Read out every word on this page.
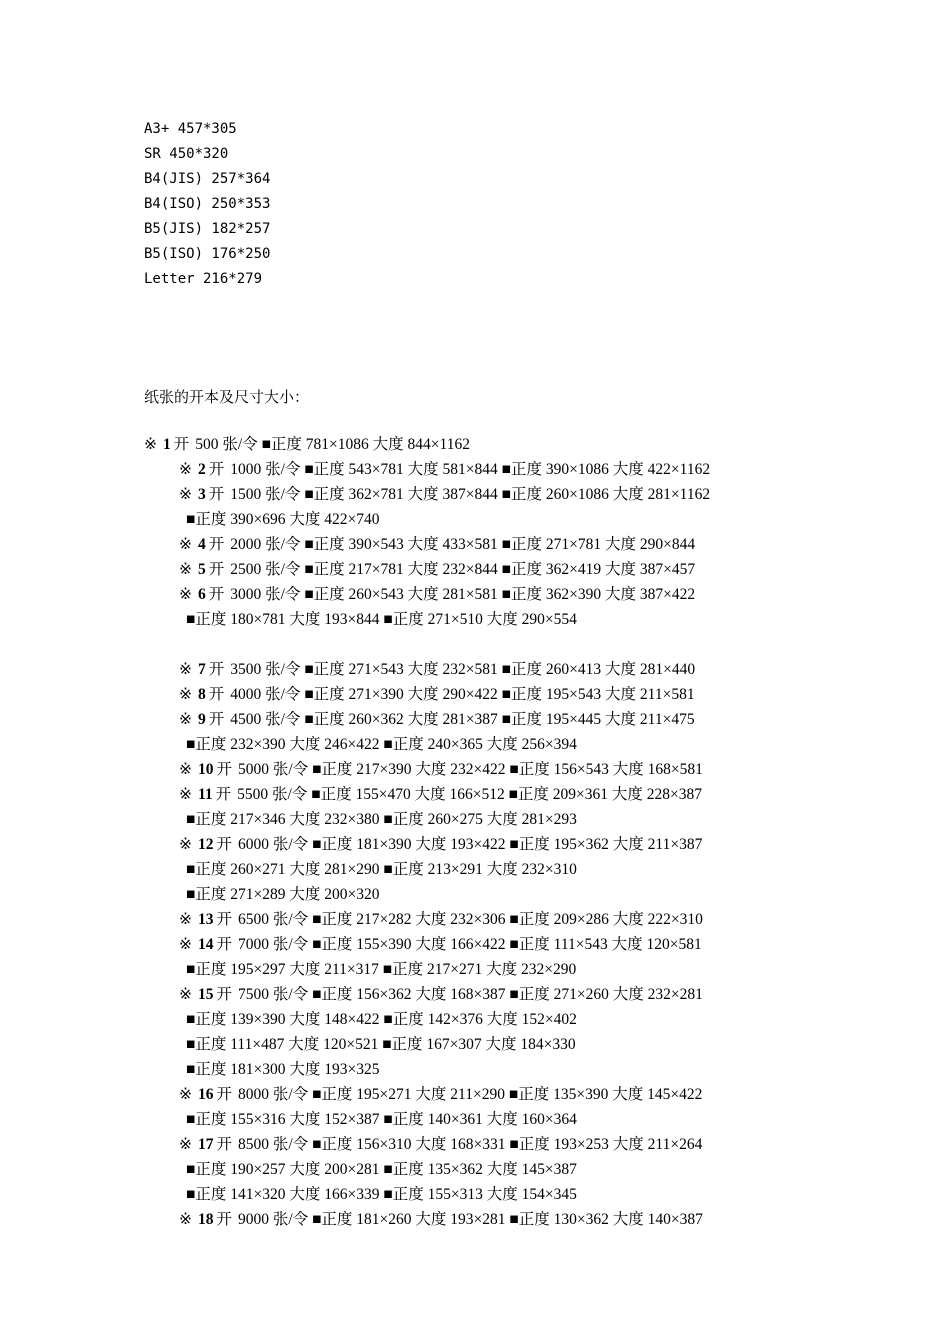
A3+ 457*305
SR 450*320
B4(JIS) 257*364
B4(ISO) 250*353
B5(JIS) 182*257
B5(ISO) 176*250
Letter 216*279
纸张的开本及尺寸大小：
※ 1 开 500 张/令 ■正度 781×1086 大度 844×1162
※ 2 开 1000 张/令 ■正度 543×781 大度 581×844 ■正度 390×1086 大度 422×1162
※ 3 开 1500 张/令 ■正度 362×781 大度 387×844 ■正度 260×1086 大度 281×1162
■正度 390×696 大度 422×740
※ 4 开 2000 张/令 ■正度 390×543 大度 433×581 ■正度 271×781 大度 290×844
※ 5 开 2500 张/令 ■正度 217×781 大度 232×844 ■正度 362×419 大度 387×457
※ 6 开 3000 张/令 ■正度 260×543 大度 281×581 ■正度 362×390 大度 387×422
■正度 180×781 大度 193×844 ■正度 271×510 大度 290×554
※ 7 开 3500 张/令 ■正度 271×543 大度 232×581 ■正度 260×413 大度 281×440
※ 8 开 4000 张/令 ■正度 271×390 大度 290×422 ■正度 195×543 大度 211×581
※ 9 开 4500 张/令 ■正度 260×362 大度 281×387 ■正度 195×445 大度 211×475
■正度 232×390 大度 246×422 ■正度 240×365 大度 256×394
※ 10 开 5000 张/令 ■正度 217×390 大度 232×422 ■正度 156×543 大度 168×581
※ 11 开 5500 张/令 ■正度 155×470 大度 166×512 ■正度 209×361 大度 228×387
■正度 217×346 大度 232×380 ■正度 260×275 大度 281×293
※ 12 开 6000 张/令 ■正度 181×390 大度 193×422 ■正度 195×362 大度 211×387
■正度 260×271 大度 281×290 ■正度 213×291 大度 232×310
■正度 271×289 大度 200×320
※ 13 开 6500 张/令 ■正度 217×282 大度 232×306 ■正度 209×286 大度 222×310
※ 14 开 7000 张/令 ■正度 155×390 大度 166×422 ■正度 111×543 大度 120×581
■正度 195×297 大度 211×317 ■正度 217×271 大度 232×290
※ 15 开 7500 张/令 ■正度 156×362 大度 168×387 ■正度 271×260 大度 232×281
■正度 139×390 大度 148×422 ■正度 142×376 大度 152×402
■正度 111×487 大度 120×521 ■正度 167×307 大度 184×330
■正度 181×300 大度 193×325
※ 16 开 8000 张/令 ■正度 195×271 大度 211×290 ■正度 135×390 大度 145×422
■正度 155×316 大度 152×387 ■正度 140×361 大度 160×364
※ 17 开 8500 张/令 ■正度 156×310 大度 168×331 ■正度 193×253 大度 211×264
■正度 190×257 大度 200×281 ■正度 135×362 大度 145×387
■正度 141×320 大度 166×339 ■正度 155×313 大度 154×345
※ 18 开 9000 张/令 ■正度 181×260 大度 193×281 ■正度 130×362 大度 140×387
